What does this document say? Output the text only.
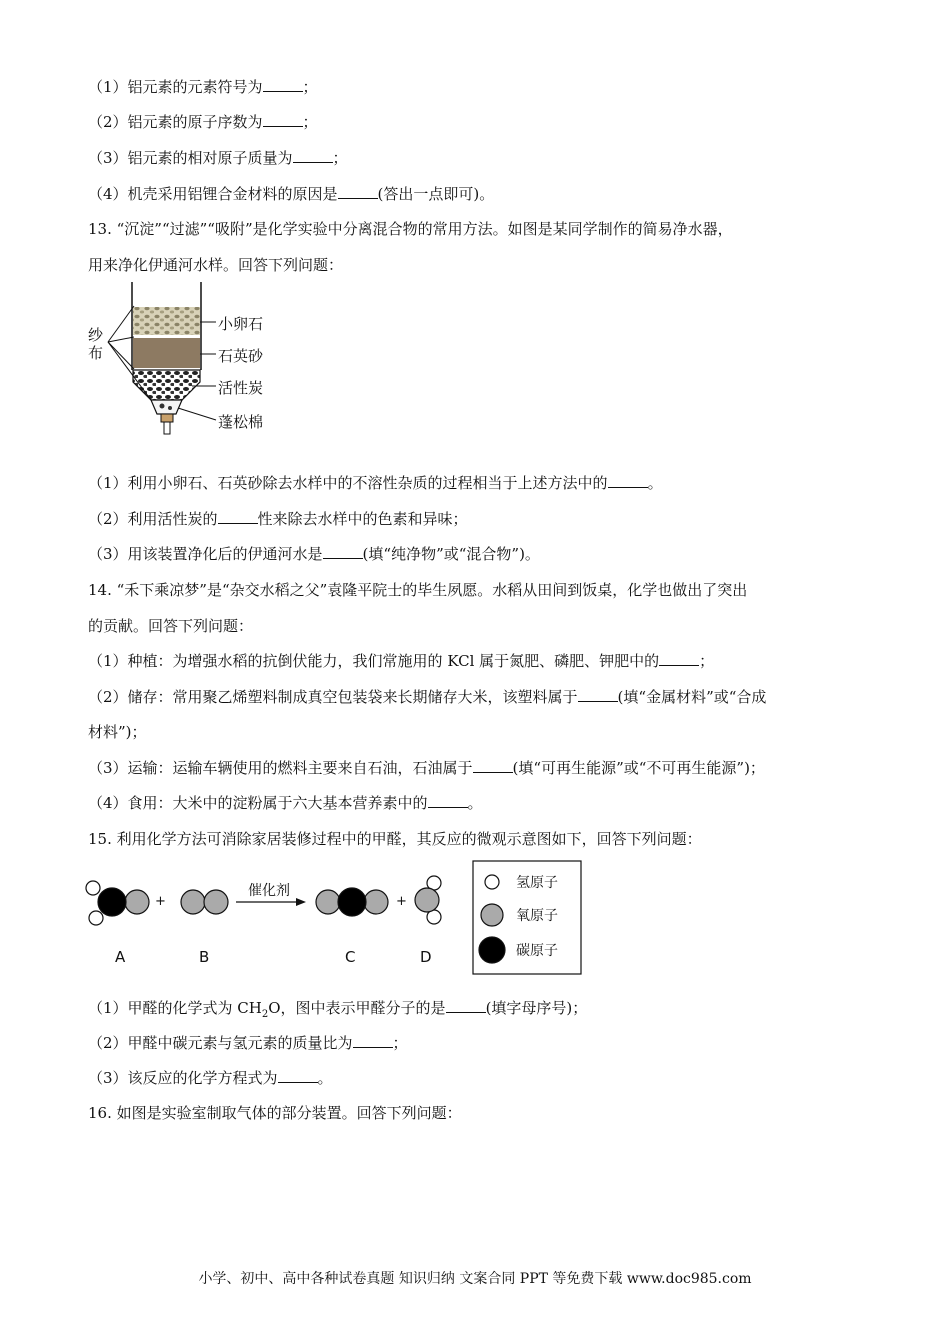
（1）铝元素的元素符号为	；
（2）铝元素的原子序数为	；
（3）铝元素的相对原子质量为	；
（4）机壳采用铝锂合金材料的原因是	(答出一点即可)。
13. “沉淀”“过滤”“吸附”是化学实验中分离混合物的常用方法。如图是某同学制作的简易净水器，
用来净化伊通河水样。回答下列问题：
纱
布
小卵石
石英砂
活性炭
蓬松棉
（1）利用小卵石、石英砂除去水样中的不溶性杂质的过程相当于上述方法中的	。
（2）利用活性炭的	性来除去水样中的色素和异味；
（3）用该装置净化后的伊通河水是	(填“纯净物”或“混合物”)。
14. “禾下乘凉梦”是“杂交水稻之父”袁隆平院士的毕生夙愿。水稻从田间到饭桌，化学也做出了突出
的贡献。回答下列问题：
（1）种植：为增强水稻的抗倒伏能力，我们常施用的 KCl 属于氮肥、磷肥、钾肥中的	；
（2）储存：常用聚乙烯塑料制成真空包装袋来长期储存大米，该塑料属于	(填“金属材料”或“合成
材料”)；
（3）运输：运输车辆使用的燃料主要来自石油，石油属于	(填“可再生能源”或“不可再生能源”)；
（4）食用：大米中的淀粉属于六大基本营养素中的	。
15. 利用化学方法可消除家居装修过程中的甲醛，其反应的微观示意图如下，回答下列问题：
+	+
催化剂
A	B	C	D
氢原子
氧原子
碳原子
（1）甲醛的化学式为 $CH_2O$，图中表示甲醛分子的是	(填字母序号)；
（2）甲醛中碳元素与氢元素的质量比为	；
（3）该反应的化学方程式为	。
16. 如图是实验室制取气体的部分装置。回答下列问题：
小学、初中、高中各种试卷真题 知识归纳 文案合同 PPT 等免费下载 www.doc985.com
